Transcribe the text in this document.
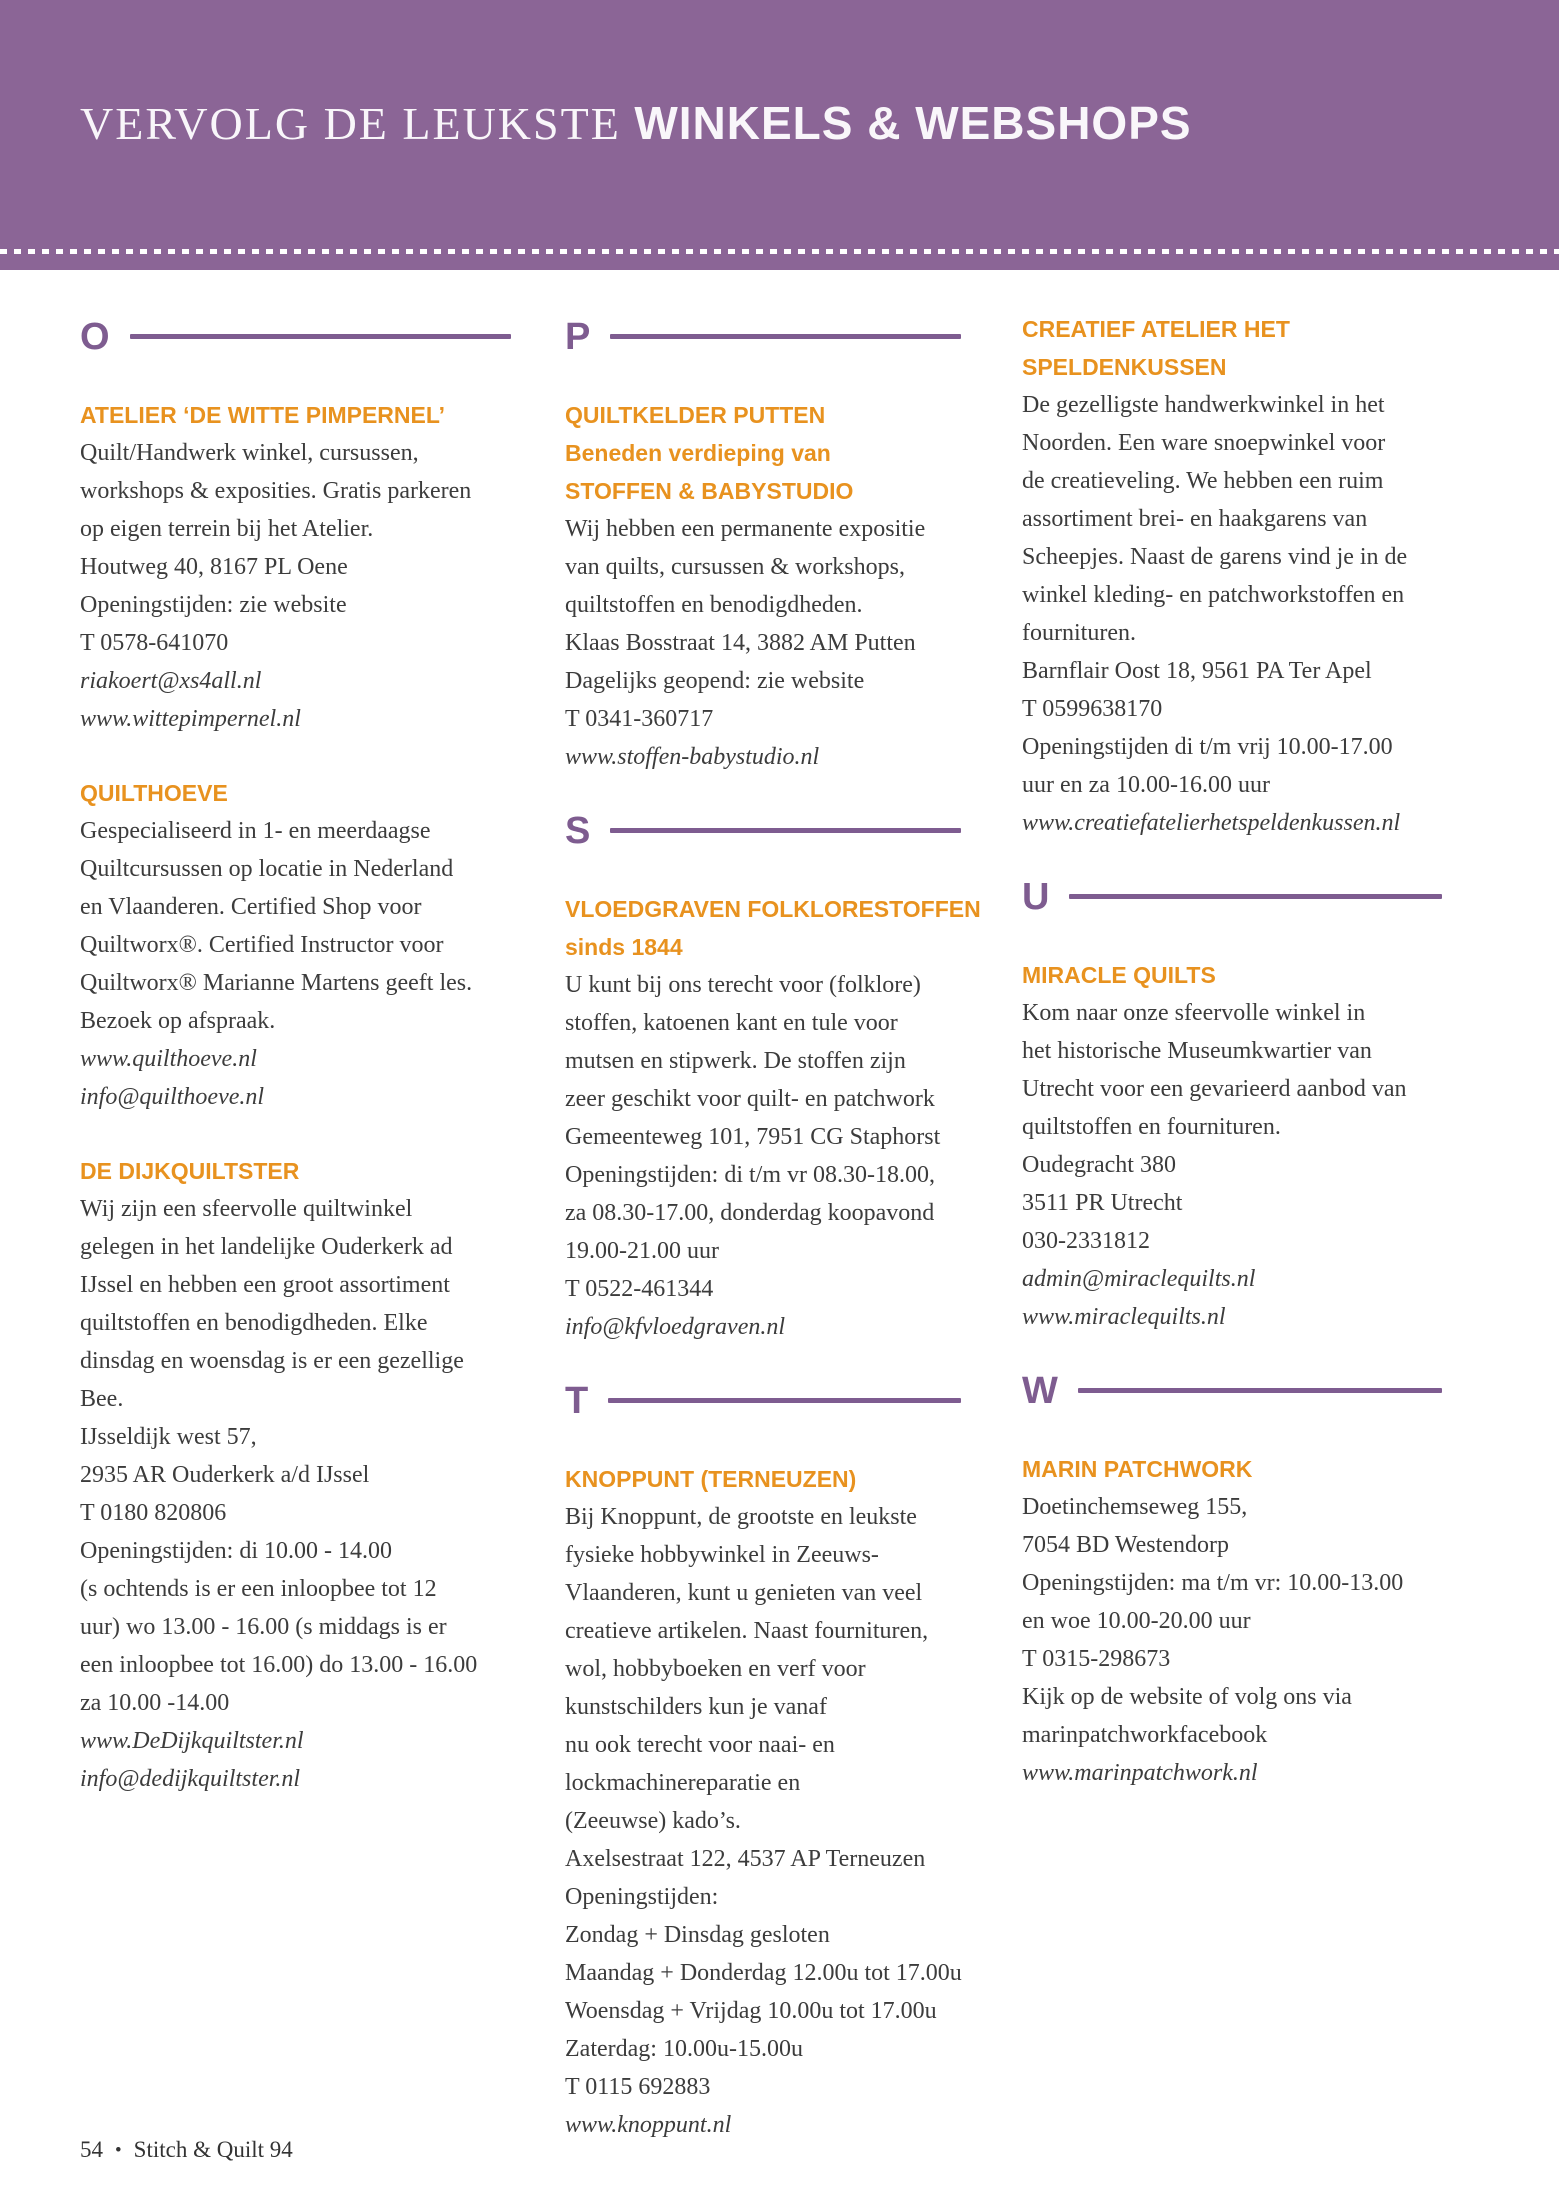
VERVOLG DE LEUKSTE WINKELS & WEBSHOPS
O
ATELIER ‘DE WITTE PIMPERNEL’

Quilt/Handwerk winkel, cursussen,

workshops & exposities. Gratis parkeren

op eigen terrein bij het Atelier.

Houtweg 40, 8167 PL Oene

Openingstijden: zie website

T 0578-641070

riakoert@xs4all.nl

www.wittepimpernel.nl

QUILTHOEVE

Gespecialiseerd in 1- en meerdaagse

Quiltcursussen op locatie in Nederland

en Vlaanderen. Certified Shop voor

Quiltworx®. Certified Instructor voor

Quiltworx® Marianne Martens geeft les.

Bezoek op afspraak.

www.quilthoeve.nl

info@quilthoeve.nl

DE DIJKQUILTSTER

Wij zijn een sfeervolle quiltwinkel

gelegen in het landelijke Ouderkerk ad

IJssel en hebben een groot assortiment

quiltstoffen en benodigdheden. Elke

dinsdag en woensdag is er een gezellige

Bee.

IJsseldijk west 57,

2935 AR Ouderkerk a/d IJssel

T 0180 820806

Openingstijden: di 10.00 - 14.00

(s ochtends is er een inloopbee tot 12

uur) wo 13.00 - 16.00 (s middags is er

een inloopbee tot 16.00) do 13.00 - 16.00

za 10.00 -14.00

www.DeDijkquiltster.nl

info@dedijkquiltster.nl

P
QUILTKELDER PUTTEN
Beneden verdieping van
STOFFEN & BABYSTUDIO

Wij hebben een permanente expositie

van quilts, cursussen & workshops,

quiltstoffen en benodigdheden.

Klaas Bosstraat 14, 3882 AM Putten

Dagelijks geopend: zie website

T 0341-360717

www.stoffen-babystudio.nl

S
VLOEDGRAVEN FOLKLORESTOFFEN
sinds 1844

U kunt bij ons terecht voor (folklore)

stoffen, katoenen kant en tule voor

mutsen en stipwerk. De stoffen zijn

zeer geschikt voor quilt- en patchwork

Gemeenteweg 101, 7951 CG Staphorst

Openingstijden: di t/m vr 08.30-18.00,

za 08.30-17.00, donderdag koopavond

19.00-21.00 uur

T 0522-461344

info@kfvloedgraven.nl

T
KNOPPUNT (TERNEUZEN)

Bij Knoppunt, de grootste en leukste

fysieke hobbywinkel in Zeeuws-

Vlaanderen, kunt u genieten van veel

creatieve artikelen. Naast fournituren,

wol, hobbyboeken en verf voor

kunstschilders kun je vanaf

nu ook terecht voor naai- en

lockmachinereparatie en

(Zeeuwse) kado’s.

Axelsestraat 122, 4537 AP Terneuzen

Openingstijden:

Zondag + Dinsdag gesloten

Maandag + Donderdag 12.00u tot 17.00u

Woensdag + Vrijdag 10.00u tot 17.00u

Zaterdag: 10.00u-15.00u

T 0115 692883

www.knoppunt.nl

CREATIEF ATELIER HET
SPELDENKUSSEN

De gezelligste handwerkwinkel in het

Noorden. Een ware snoepwinkel voor

de creatieveling. We hebben een ruim

assortiment brei- en haakgarens van

Scheepjes. Naast de garens vind je in de

winkel kleding- en patchworkstoffen en

fournituren.

Barnflair Oost 18, 9561 PA Ter Apel

T 0599638170

Openingstijden di t/m vrij 10.00-17.00

uur en za 10.00-16.00 uur

www.creatiefatelierhetspeldenkussen.nl

U
MIRACLE QUILTS

Kom naar onze sfeervolle winkel in

het historische Museumkwartier van

Utrecht voor een gevarieerd aanbod van

quiltstoffen en fournituren.

Oudegracht 380

3511 PR Utrecht

030-2331812

admin@miraclequilts.nl

www.miraclequilts.nl

W
MARIN PATCHWORK

Doetinchemseweg 155,

7054 BD Westendorp

Openingstijden: ma t/m vr: 10.00-13.00

en woe 10.00-20.00 uur

T 0315-298673

Kijk op de website of volg ons via

marinpatchworkfacebook

www.marinpatchwork.nl

54 • Stitch & Quilt 94
